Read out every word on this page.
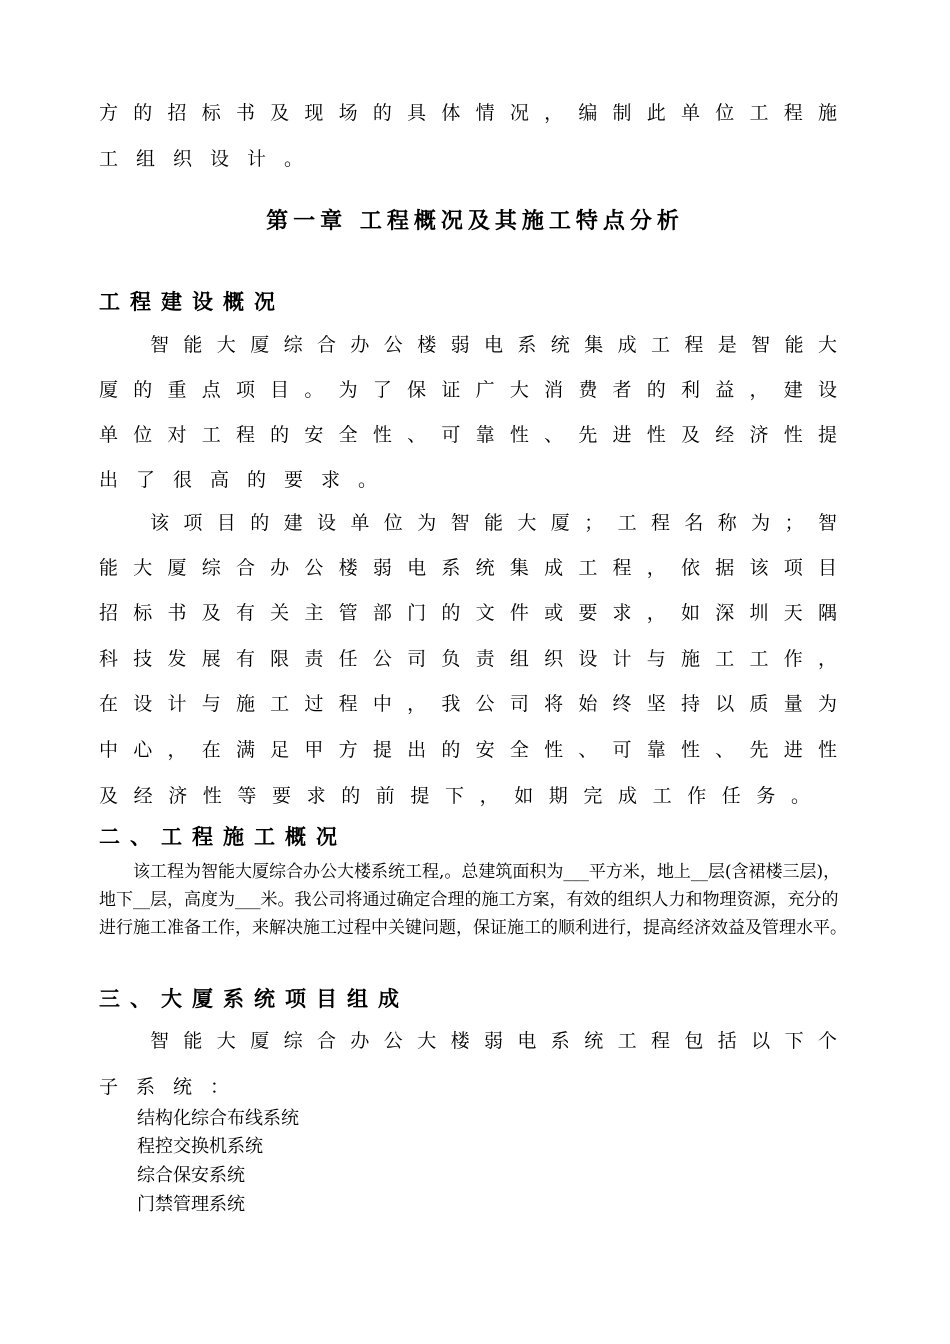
方的招标书及现场的具体情况，编制此单位工程施
工组织设计。
第一章 工程概况及其施工特点分析
工程建设概况
智能大厦综合办公楼弱电系统集成工程是智能大
厦的重点项目。为了保证广大消费者的利益，建设
单位对工程的安全性、可靠性、先进性及经济性提
出了很高的要求。
该项目的建设单位为智能大厦；工程名称为；智
能大厦综合办公楼弱电系统集成工程，依据该项目
招标书及有关主管部门的文件或要求，如深圳天隅
科技发展有限责任公司负责组织设计与施工工作，
在设计与施工过程中，我公司将始终坚持以质量为
中心，在满足甲方提出的安全性、可靠性、先进性
及经济性等要求的前提下，如期完成工作任务。
二、工程施工概况

该工程为智能大厦综合办公大楼系统工程,。总建筑面积为___平方米，地上__层(含裙楼三层)，地下__层，高度为___米。我公司将通过确定合理的施工方案，有效的组织人力和物理资源，充分的进行施工准备工作，来解决施工过程中关键问题，保证施工的顺利进行，提高经济效益及管理水平。

三、大厦系统项目组成
智能大厦综合办公大楼弱电系统工程包括以下个
子系统：
结构化综合布线系统
程控交换机系统
综合保安系统
门禁管理系统
